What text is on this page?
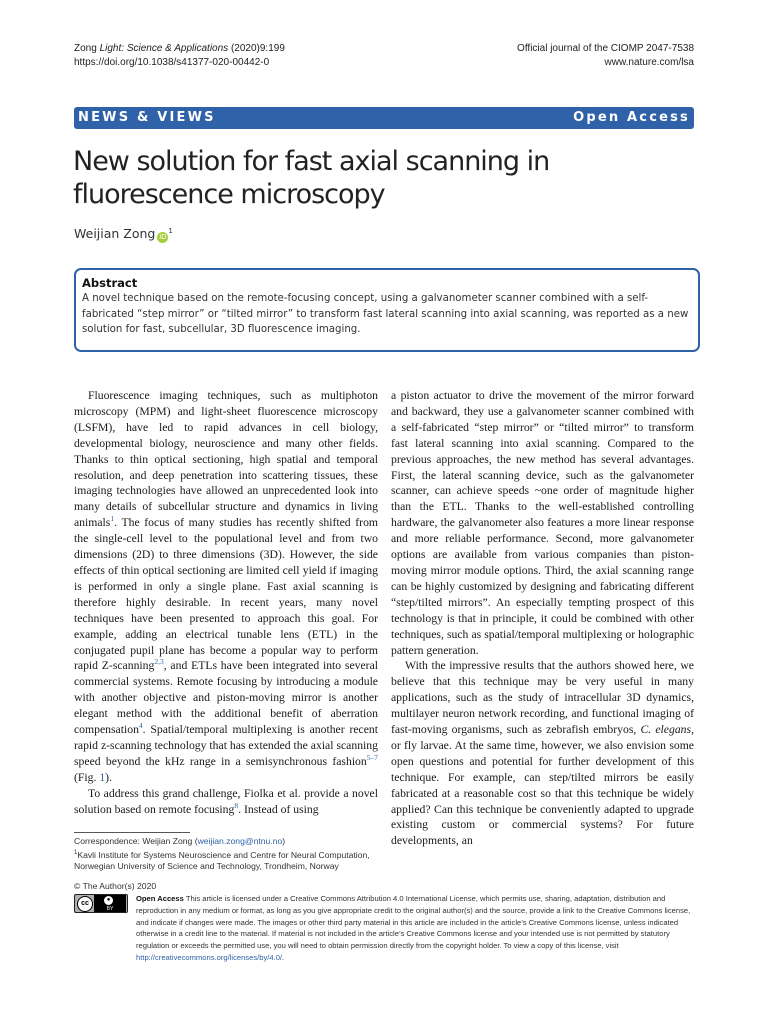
Zong Light: Science & Applications (2020)9:199
https://doi.org/10.1038/s41377-020-00442-0
Official journal of the CIOMP 2047-7538
www.nature.com/lsa
NEWS & VIEWS	Open Access
New solution for fast axial scanning in fluorescence microscopy
Weijian Zong $iD^1$
Abstract

A novel technique based on the remote-focusing concept, using a galvanometer scanner combined with a self-fabricated “step mirror” or “tilted mirror” to transform fast lateral scanning into axial scanning, was reported as a new solution for fast, subcellular, 3D fluorescence imaging.

Fluorescence imaging techniques, such as multiphoton microscopy (MPM) and light-sheet fluorescence microscopy (LSFM), have led to rapid advances in cell biology, developmental biology, neuroscience and many other fields. Thanks to thin optical sectioning, high spatial and temporal resolution, and deep penetration into scattering tissues, these imaging technologies have allowed an unprecedented look into many details of subcellular structure and dynamics in living animals$^1$. The focus of many studies has recently shifted from the single-cell level to the populational level and from two dimensions (2D) to three dimensions (3D). However, the side effects of thin optical sectioning are limited cell yield if imaging is performed in only a single plane. Fast axial scanning is therefore highly desirable. In recent years, many novel techniques have been presented to approach this goal. For example, adding an electrical tunable lens (ETL) in the conjugated pupil plane has become a popular way to perform rapid Z-scanning$^{2,3}$, and ETLs have been integrated into several commercial systems. Remote focusing by introducing a module with another objective and piston-moving mirror is another elegant method with the additional benefit of aberration compensation$^4$. Spatial/temporal multiplexing is another recent rapid z-scanning technology that has extended the axial scanning speed beyond the kHz range in a semisynchronous fashion$^{5-7}$ (Fig. 1).

To address this grand challenge, Fiolka et al. provide a novel solution based on remote focusing$^8$. Instead of using

a piston actuator to drive the movement of the mirror forward and backward, they use a galvanometer scanner combined with a self-fabricated “step mirror” or “tilted mirror” to transform fast lateral scanning into axial scanning. Compared to the previous approaches, the new method has several advantages. First, the lateral scanning device, such as the galvanometer scanner, can achieve speeds ~one order of magnitude higher than the ETL. Thanks to the well-established controlling hardware, the galvanometer also features a more linear response and more reliable performance. Second, more galvanometer options are available from various companies than piston-moving mirror module options. Third, the axial scanning range can be highly customized by designing and fabricating different “step/tilted mirrors”. An especially tempting prospect of this technology is that in principle, it could be combined with other techniques, such as spatial/temporal multiplexing or holographic pattern generation.

With the impressive results that the authors showed here, we believe that this technique may be very useful in many applications, such as the study of intracellular 3D dynamics, multilayer neuron network recording, and functional imaging of fast-moving organisms, such as zebrafish embryos, C. elegans, or fly larvae. At the same time, however, we also envision some open questions and potential for further development of this technique. For example, can step/tilted mirrors be easily fabricated at a reasonable cost so that this technique be widely applied? Can this technique be conveniently adapted to upgrade existing custom or commercial systems? For future developments, an

Correspondence: Weijian Zong (weijian.zong@ntnu.no)
$^1$Kavli Institute for Systems Neuroscience and Centre for Neural Computation, Norwegian University of Science and Technology, Trondheim, Norway
© The Author(s) 2020
cc	●
BY
Open Access This article is licensed under a Creative Commons Attribution 4.0 International License, which permits use, sharing, adaptation, distribution and reproduction in any medium or format, as long as you give appropriate credit to the original author(s) and the source, provide a link to the Creative Commons license, and indicate if changes were made. The images or other third party material in this article are included in the article’s Creative Commons license, unless indicated otherwise in a credit line to the material. If material is not included in the article’s Creative Commons license and your intended use is not permitted by statutory regulation or exceeds the permitted use, you will need to obtain permission directly from the copyright holder. To view a copy of this license, visit http://creativecommons.org/licenses/by/4.0/.
